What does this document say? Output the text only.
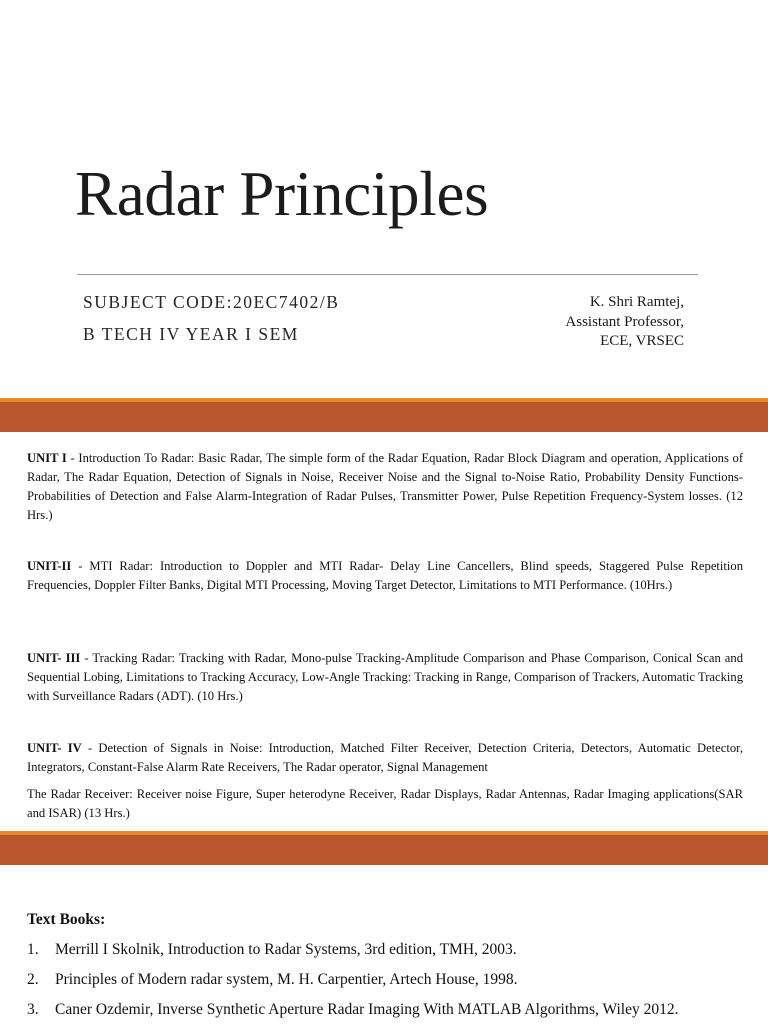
Radar Principles
SUBJECT CODE:20EC7402/B
B TECH IV YEAR I SEM
K. Shri Ramtej,
Assistant Professor,
ECE, VRSEC

UNIT I - Introduction To Radar: Basic Radar, The simple form of the Radar Equation, Radar Block Diagram and operation, Applications of Radar, The Radar Equation, Detection of Signals in Noise, Receiver Noise and the Signal to-Noise Ratio, Probability Density Functions- Probabilities of Detection and False Alarm-Integration of Radar Pulses, Transmitter Power, Pulse Repetition Frequency-System losses. (12 Hrs.)

UNIT-II - MTI Radar: Introduction to Doppler and MTI Radar- Delay Line Cancellers, Blind speeds, Staggered Pulse Repetition Frequencies, Doppler Filter Banks, Digital MTI Processing, Moving Target Detector, Limitations to MTI Performance. (10Hrs.)

UNIT- III - Tracking Radar: Tracking with Radar, Mono-pulse Tracking-Amplitude Comparison and Phase Comparison, Conical Scan and Sequential Lobing, Limitations to Tracking Accuracy, Low-Angle Tracking: Tracking in Range, Comparison of Trackers, Automatic Tracking with Surveillance Radars (ADT). (10 Hrs.)

UNIT- IV - Detection of Signals in Noise: Introduction, Matched Filter Receiver, Detection Criteria, Detectors, Automatic Detector, Integrators, Constant-False Alarm Rate Receivers, The Radar operator, Signal Management

The Radar Receiver: Receiver noise Figure, Super heterodyne Receiver, Radar Displays, Radar Antennas, Radar Imaging applications(SAR and ISAR) (13 Hrs.)

Text Books:
1. Merrill I Skolnik, Introduction to Radar Systems, 3rd edition, TMH, 2003.
2. Principles of Modern radar system, M. H. Carpentier, Artech House, 1998.
3. Caner Ozdemir, Inverse Synthetic Aperture Radar Imaging With MATLAB Algorithms, Wiley 2012.
